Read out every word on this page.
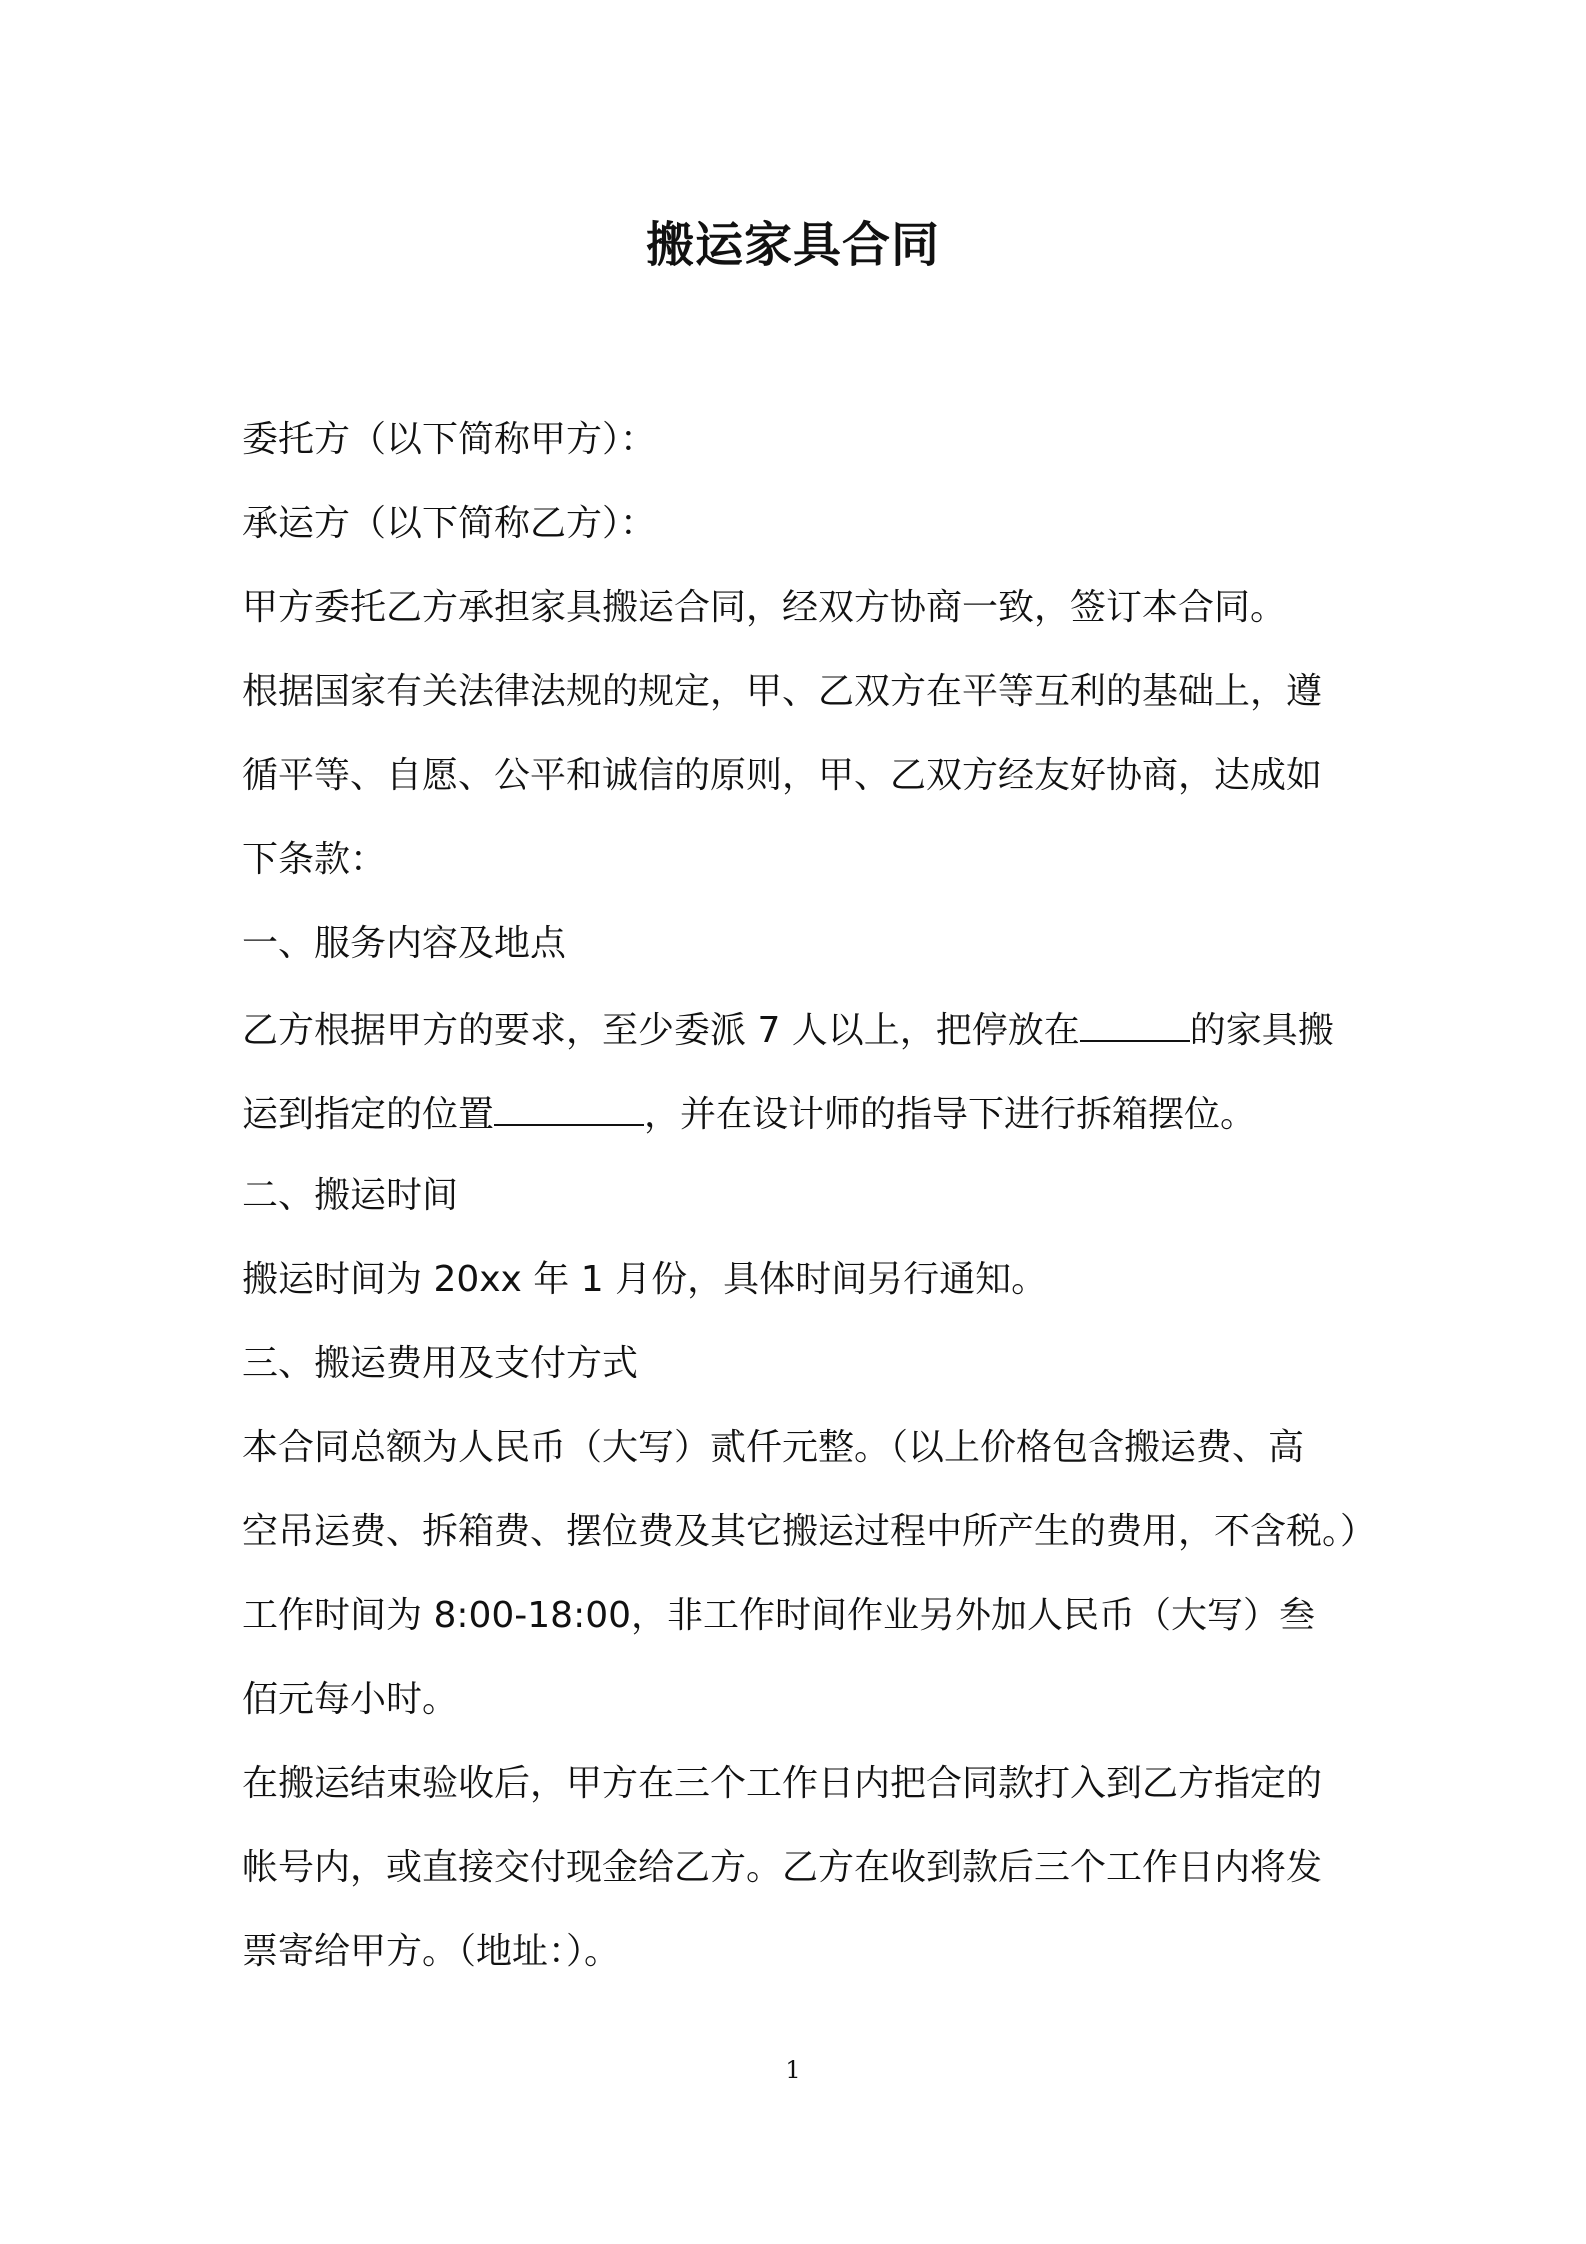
搬运家具合同
委托方（以下简称甲方）：
承运方（以下简称乙方）：
甲方委托乙方承担家具搬运合同，经双方协商一致，签订本合同。
根据国家有关法律法规的规定，甲、乙双方在平等互利的基础上，遵
循平等、自愿、公平和诚信的原则，甲、乙双方经友好协商，达成如
下条款：
一、服务内容及地点
乙方根据甲方的要求，至少委派 7 人以上，把停放在	的家具搬
运到指定的位置	，并在设计师的指导下进行拆箱摆位。
二、搬运时间
搬运时间为 20xx 年 1 月份，具体时间另行通知。
三、搬运费用及支付方式
本合同总额为人民币（大写）贰仟元整。（以上价格包含搬运费、高
空吊运费、拆箱费、摆位费及其它搬运过程中所产生的费用，不含税。）
工作时间为 8:00-18:00，非工作时间作业另外加人民币（大写）叁
佰元每小时。
在搬运结束验收后，甲方在三个工作日内把合同款打入到乙方指定的
帐号内，或直接交付现金给乙方。乙方在收到款后三个工作日内将发
票寄给甲方。（地址：）。
1
